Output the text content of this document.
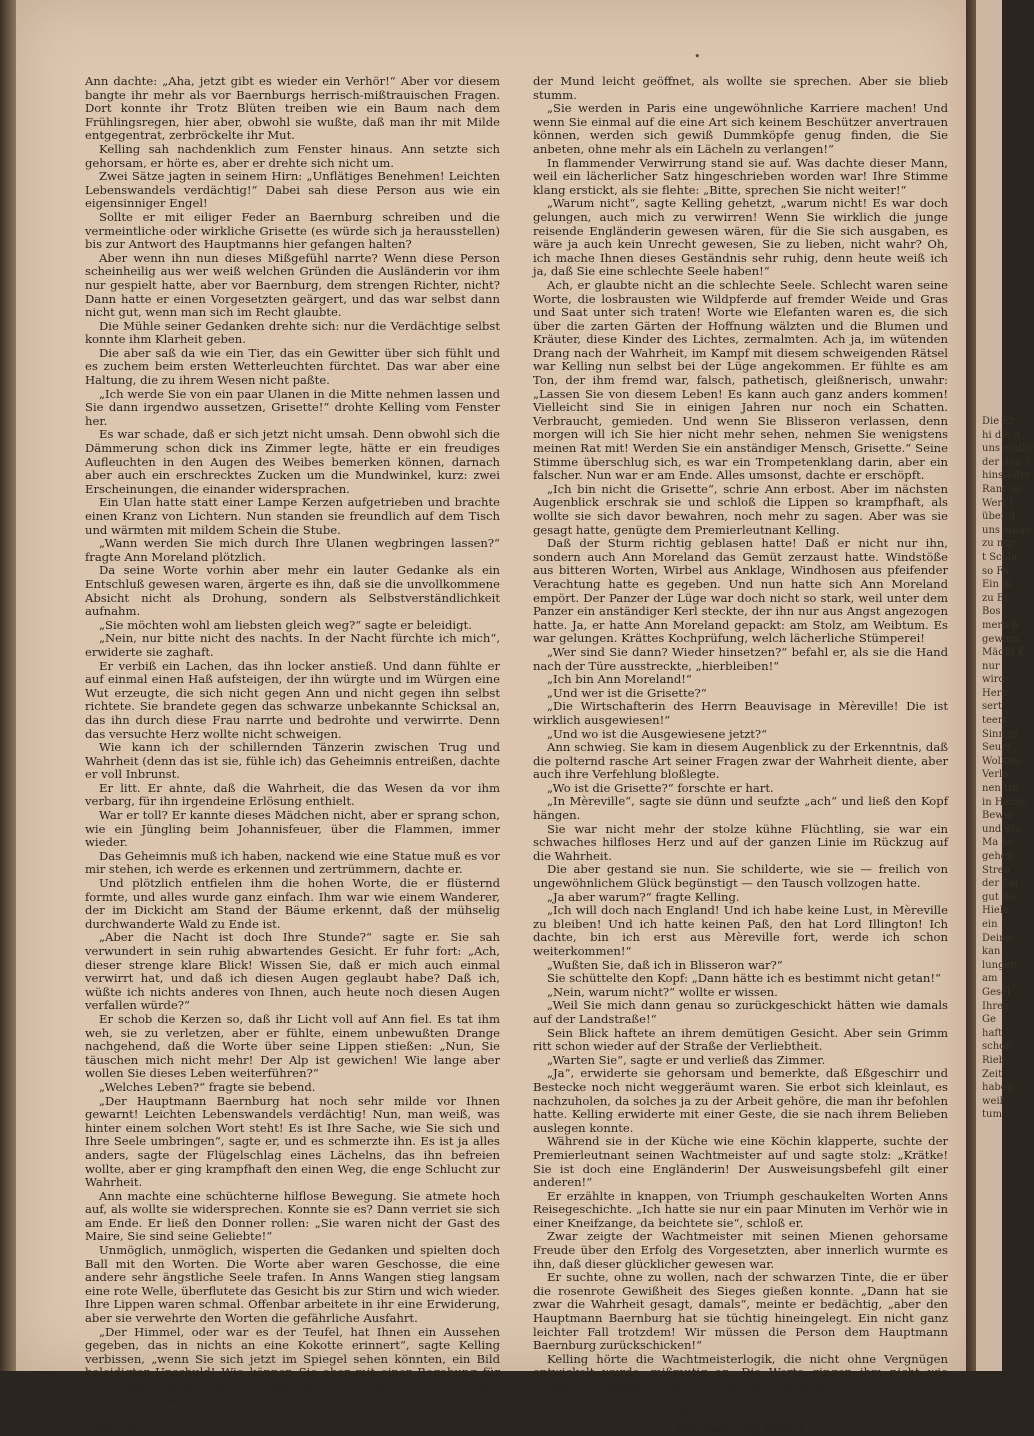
•

Ann dachte: „Aha, jetzt gibt es wieder ein Verhör!“ Aber vor diesem bangte ihr mehr als vor Baernburgs herrisch-mißtrauischen Fragen. Dort konnte ihr Trotz Blüten treiben wie ein Baum nach dem Frühlingsregen, hier aber, obwohl sie wußte, daß man ihr mit Milde entgegentrat, zerbröckelte ihr Mut.

Kelling sah nachdenklich zum Fenster hinaus. Ann setzte sich gehorsam, er hörte es, aber er drehte sich nicht um.

Zwei Sätze jagten in seinem Hirn: „Unflätiges Benehmen! Leichten Lebenswandels verdächtig!“ Dabei sah diese Person aus wie ein eigensinniger Engel!

Sollte er mit eiliger Feder an Baernburg schreiben und die vermeintliche oder wirkliche Grisette (es würde sich ja herausstellen) bis zur Antwort des Hauptmanns hier gefangen halten?

Aber wenn ihn nun dieses Mißgefühl narrte? Wenn diese Person scheinheilig aus wer weiß welchen Gründen die Ausländerin vor ihm nur gespielt hatte, aber vor Baernburg, dem strengen Richter, nicht? Dann hatte er einen Vorgesetzten geärgert, und das war selbst dann nicht gut, wenn man sich im Recht glaubte.

Die Mühle seiner Gedanken drehte sich: nur die Verdächtige selbst konnte ihm Klarheit geben.

Die aber saß da wie ein Tier, das ein Gewitter über sich fühlt und es zuchem beim ersten Wetterleuchten fürchtet. Das war aber eine Haltung, die zu ihrem Wesen nicht paßte.

„Ich werde Sie von ein paar Ulanen in die Mitte nehmen lassen und Sie dann irgendwo aussetzen, Grisette!“ drohte Kelling vom Fenster her.

Es war schade, daß er sich jetzt nicht umsah. Denn obwohl sich die Dämmerung schon dick ins Zimmer legte, hätte er ein freudiges Aufleuchten in den Augen des Weibes bemerken können, darnach aber auch ein erschrecktes Zucken um die Mundwinkel, kurz: zwei Erscheinungen, die einander widersprachen.

Ein Ulan hatte statt einer Lampe Kerzen aufgetrieben und brachte einen Kranz von Lichtern. Nun standen sie freundlich auf dem Tisch und wärmten mit mildem Schein die Stube.

„Wann werden Sie mich durch Ihre Ulanen wegbringen lassen?“ fragte Ann Moreland plötzlich.

Da seine Worte vorhin aber mehr ein lauter Gedanke als ein Entschluß gewesen waren, ärgerte es ihn, daß sie die unvollkommene Absicht nicht als Drohung, sondern als Selbstverständlichkeit aufnahm.

„Sie möchten wohl am liebsten gleich weg?“ sagte er beleidigt.

„Nein, nur bitte nicht des nachts. In der Nacht fürchte ich mich“, erwiderte sie zaghaft.

Er verbiß ein Lachen, das ihn locker anstieß. Und dann fühlte er auf einmal einen Haß aufsteigen, der ihn würgte und im Würgen eine Wut erzeugte, die sich nicht gegen Ann und nicht gegen ihn selbst richtete. Sie brandete gegen das schwarze unbekannte Schicksal an, das ihn durch diese Frau narrte und bedrohte und verwirrte. Denn das versuchte Herz wollte nicht schweigen.

Wie kann ich der schillernden Tänzerin zwischen Trug und Wahrheit (denn das ist sie, fühle ich) das Geheimnis entreißen, dachte er voll Inbrunst.

Er litt. Er ahnte, daß die Wahrheit, die das Wesen da vor ihm verbarg, für ihn irgendeine Erlösung enthielt.

War er toll? Er kannte dieses Mädchen nicht, aber er sprang schon, wie ein Jüngling beim Johannisfeuer, über die Flammen, immer wieder.

Das Geheimnis muß ich haben, nackend wie eine Statue muß es vor mir stehen, ich werde es erkennen und zertrümmern, dachte er.

Und plötzlich entfielen ihm die hohen Worte, die er flüsternd formte, und alles wurde ganz einfach. Ihm war wie einem Wanderer, der im Dickicht am Stand der Bäume erkennt, daß der mühselig durchwanderte Wald zu Ende ist.

„Aber die Nacht ist doch Ihre Stunde?“ sagte er. Sie sah verwundert in sein ruhig abwartendes Gesicht. Er fuhr fort: „Ach, dieser strenge klare Blick! Wissen Sie, daß er mich auch einmal verwirrt hat, und daß ich diesen Augen geglaubt habe? Daß ich, wüßte ich nichts anderes von Ihnen, auch heute noch diesen Augen verfallen würde?“

Er schob die Kerzen so, daß ihr Licht voll auf Ann fiel. Es tat ihm weh, sie zu verletzen, aber er fühlte, einem unbewußten Drange nachgehend, daß die Worte über seine Lippen stießen: „Nun, Sie täuschen mich nicht mehr! Der Alp ist gewichen! Wie lange aber wollen Sie dieses Leben weiterführen?“

„Welches Leben?“ fragte sie bebend.

„Der Hauptmann Baernburg hat noch sehr milde vor Ihnen gewarnt! Leichten Lebenswandels verdächtig! Nun, man weiß, was hinter einem solchen Wort steht! Es ist Ihre Sache, wie Sie sich und Ihre Seele umbringen“, sagte er, und es schmerzte ihn. Es ist ja alles anders, sagte der Flügelschlag eines Lächelns, das ihn befreien wollte, aber er ging krampfhaft den einen Weg, die enge Schlucht zur Wahrheit.

Ann machte eine schüchterne hilflose Bewegung. Sie atmete hoch auf, als wollte sie widersprechen. Konnte sie es? Dann verriet sie sich am Ende. Er ließ den Donner rollen: „Sie waren nicht der Gast des Maire, Sie sind seine Geliebte!“

Unmöglich, unmöglich, wisperten die Gedanken und spielten doch Ball mit den Worten. Die Worte aber waren Geschosse, die eine andere sehr ängstliche Seele trafen. In Anns Wangen stieg langsam eine rote Welle, überflutete das Gesicht bis zur Stirn und wich wieder. Ihre Lippen waren schmal. Offenbar arbeitete in ihr eine Erwiderung, aber sie verwehrte den Worten die gefährliche Ausfahrt.

„Der Himmel, oder war es der Teufel, hat Ihnen ein Aussehen gegeben, das in nichts an eine Kokotte erinnert“, sagte Kelling verbissen, „wenn Sie sich jetzt im Spiegel sehen könnten, ein Bild beleidigter Unschuld! Wie können Sie aber mit einer Begabung für die Verstellung und den Leichtsinn in diesem Nest Mèreville sitzen? Sie gehören nach Paris, Mademoiselle!“

Ihr Antlitz stand im Lichte des Zorns. Die Augen waren weit aufgerissen,

der Mund leicht geöffnet, als wollte sie sprechen. Aber sie blieb stumm.

„Sie werden in Paris eine ungewöhnliche Karriere machen! Und wenn Sie einmal auf die eine Art sich keinem Beschützer anvertrauen können, werden sich gewiß Dummköpfe genug finden, die Sie anbeten, ohne mehr als ein Lächeln zu verlangen!“

In flammender Verwirrung stand sie auf. Was dachte dieser Mann, weil ein lächerlicher Satz hingeschrieben worden war! Ihre Stimme klang erstickt, als sie flehte: „Bitte, sprechen Sie nicht weiter!“

„Warum nicht“, sagte Kelling gehetzt, „warum nicht! Es war doch gelungen, auch mich zu verwirren! Wenn Sie wirklich die junge reisende Engländerin gewesen wären, für die Sie sich ausgaben, es wäre ja auch kein Unrecht gewesen, Sie zu lieben, nicht wahr? Oh, ich mache Ihnen dieses Geständnis sehr ruhig, denn heute weiß ich ja, daß Sie eine schlechte Seele haben!“

Ach, er glaubte nicht an die schlechte Seele. Schlecht waren seine Worte, die losbrausten wie Wildpferde auf fremder Weide und Gras und Saat unter sich traten! Worte wie Elefanten waren es, die sich über die zarten Gärten der Hoffnung wälzten und die Blumen und Kräuter, diese Kinder des Lichtes, zermalmten. Ach ja, im wütenden Drang nach der Wahrheit, im Kampf mit diesem schweigenden Rätsel war Kelling nun selbst bei der Lüge angekommen. Er fühlte es am Ton, der ihm fremd war, falsch, pathetisch, gleißnerisch, unwahr: „Lassen Sie von diesem Leben! Es kann auch ganz anders kommen! Vielleicht sind Sie in einigen Jahren nur noch ein Schatten. Verbraucht, gemieden. Und wenn Sie Blisseron verlassen, denn morgen will ich Sie hier nicht mehr sehen, nehmen Sie wenigstens meinen Rat mit! Werden Sie ein anständiger Mensch, Grisette.“ Seine Stimme überschlug sich, es war ein Trompetenklang darin, aber ein falscher. Nun war er am Ende. Alles umsonst, dachte er erschöpft.

„Ich bin nicht die Grisette“, schrie Ann erbost. Aber im nächsten Augenblick erschrak sie und schloß die Lippen so krampfhaft, als wollte sie sich davor bewahren, noch mehr zu sagen. Aber was sie gesagt hatte, genügte dem Premierleutnant Kelling.

Daß der Sturm richtig geblasen hatte! Daß er nicht nur ihn, sondern auch Ann Moreland das Gemüt zerzaust hatte. Windstöße aus bitteren Worten, Wirbel aus Anklage, Windhosen aus pfeifender Verachtung hatte es gegeben. Und nun hatte sich Ann Moreland empört. Der Panzer der Lüge war doch nicht so stark, weil unter dem Panzer ein anständiger Kerl steckte, der ihn nur aus Angst angezogen hatte. Ja, er hatte Ann Moreland gepackt: am Stolz, am Weibtum. Es war gelungen. Krättes Kochprüfung, welch lächerliche Stümperei!

„Wer sind Sie dann? Wieder hinsetzen?“ befahl er, als sie die Hand nach der Türe ausstreckte, „hierbleiben!“

„Ich bin Ann Moreland!“

„Und wer ist die Grisette?“

„Die Wirtschafterin des Herrn Beauvisage in Mèreville! Die ist wirklich ausgewiesen!“

„Und wo ist die Ausgewiesene jetzt?“

Ann schwieg. Sie kam in diesem Augenblick zu der Erkenntnis, daß die polternd rasche Art seiner Fragen zwar der Wahrheit diente, aber auch ihre Verfehlung bloßlegte.

„Wo ist die Grisette?“ forschte er hart.

„In Mèreville“, sagte sie dünn und seufzte „ach“ und ließ den Kopf hängen.

Sie war nicht mehr der stolze kühne Flüchtling, sie war ein schwaches hilfloses Herz und auf der ganzen Linie im Rückzug auf die Wahrheit.

Die aber gestand sie nun. Sie schilderte, wie sie — freilich von ungewöhnlichem Glück begünstigt — den Tausch vollzogen hatte.

„Ja aber warum?“ fragte Kelling.

„Ich will doch nach England! Und ich habe keine Lust, in Mèreville zu bleiben! Und ich hatte keinen Paß, den hat Lord Illington! Ich dachte, bin ich erst aus Mèreville fort, werde ich schon weiterkommen!“

„Wußten Sie, daß ich in Blisseron war?“

Sie schüttelte den Kopf: „Dann hätte ich es bestimmt nicht getan!“

„Nein, warum nicht?“ wollte er wissen.

„Weil Sie mich dann genau so zurückgeschickt hätten wie damals auf der Landstraße!“

Sein Blick haftete an ihrem demütigen Gesicht. Aber sein Grimm ritt schon wieder auf der Straße der Verliebtheit.

„Warten Sie“, sagte er und verließ das Zimmer.

„Ja“, erwiderte sie gehorsam und bemerkte, daß Eßgeschirr und Bestecke noch nicht weggeräumt waren. Sie erbot sich kleinlaut, es nachzuholen, da solches ja zu der Arbeit gehöre, die man ihr befohlen hatte. Kelling erwiderte mit einer Geste, die sie nach ihrem Belieben auslegen konnte.

Während sie in der Küche wie eine Köchin klapperte, suchte der Premierleutnant seinen Wachtmeister auf und sagte stolz: „Krätke! Sie ist doch eine Engländerin! Der Ausweisungsbefehl gilt einer anderen!“

Er erzählte in knappen, von Triumph geschaukelten Worten Anns Reisegeschichte. „Ich hatte sie nur ein paar Minuten im Verhör wie in einer Kneifzange, da beichtete sie“, schloß er.

Zwar zeigte der Wachtmeister mit seinen Mienen gehorsame Freude über den Erfolg des Vorgesetzten, aber innerlich wurmte es ihn, daß dieser glücklicher gewesen war.

Er suchte, ohne zu wollen, nach der schwarzen Tinte, die er über die rosenrote Gewißheit des Sieges gießen konnte. „Dann hat sie zwar die Wahrheit gesagt, damals“, meinte er bedächtig, „aber den Hauptmann Baernburg hat sie tüchtig hineingelegt. Ein nicht ganz leichter Fall trotzdem! Wir müssen die Person dem Hauptmann Baernburg zurückschicken!“

Kelling hörte die Wachtmeisterlogik, die nicht ohne Vergnügen entwickelt wurde, mißmutig an. Die Worte gingen ihm nicht wie feuriger Champagner ein, sondern wie Bitterwasser.

Er sah es ein: Krätke hatte recht. Jetzt war die Engländerin eine Last, die sogar auf dem dienstlichen Gewissen lag!

(Fortsetzung folgt.)

Die Er
hi die A
uns endlic
der den S
hinstelfer
Rant so
Wert i
über d
uns lange
zu nur
t Schla
so Fo
Ein ni
zu Ei
Bos
mern b
gewinn
Mädig K
nur
wird
Hers-
sert
teert
Sinn ni
Seunt
Wollten
Verlo
nen tro
in Herze
Bewie
und Sta
Ma br
gehen
Stren
der Lei
gut Be
Hiele
ein
Deine
kan
lungen
am
Gesel
Ihren
Ge
haft
schon
Rieb
Zeit
haben
weil
tum
